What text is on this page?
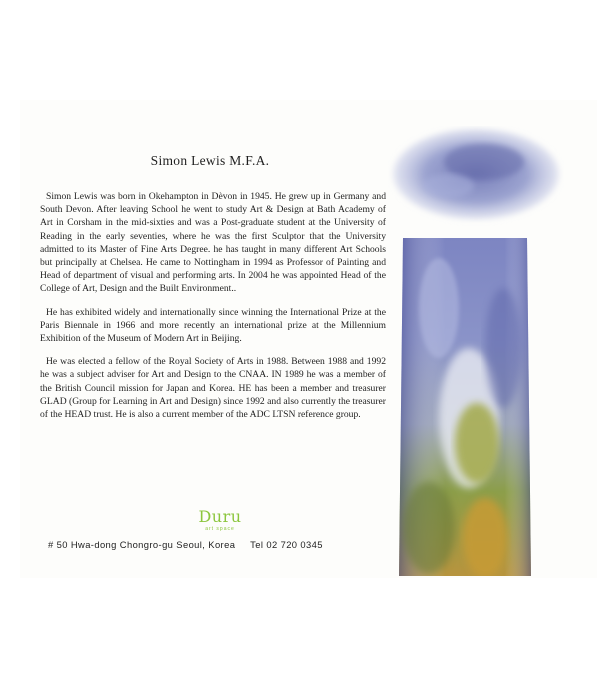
Simon Lewis M.F.A.

Simon Lewis was born in Okehampton in Dèvon in 1945. He grew up in Germany and South Devon. After leaving School he went to study Art & Design at Bath Academy of Art in Corsham in the mid-sixties and was a Post-graduate student at the University of Reading in the early seventies, where he was the first Sculptor that the University admitted to its Master of Fine Arts Degree. he has taught in many different Art Schools but principally at Chelsea. He came to Nottingham in 1994 as Professor of Painting and Head of department of visual and performing arts. In 2004 he was appointed Head of the College of Art, Design and the Built Environment..

He has exhibited widely and internationally since winning the International Prize at the Paris Biennale in 1966 and more recently an international prize at the Millennium Exhibition of the Museum of Modern Art in Beijing.

He was elected a fellow of the Royal Society of Arts in 1988. Between 1988 and 1992 he was a subject adviser for Art and Design to the CNAA. IN 1989 he was a member of the British Council mission for Japan and Korea. HE has been a member and treasurer GLAD (Group for Learning in Art and Design) since 1992 and also currently the treasurer of the HEAD trust. He is also a current member of the ADC LTSN reference group.

Duru
art space
# 50 Hwa-dong Chongro-gu Seoul, Korea Tel 02 720 0345
